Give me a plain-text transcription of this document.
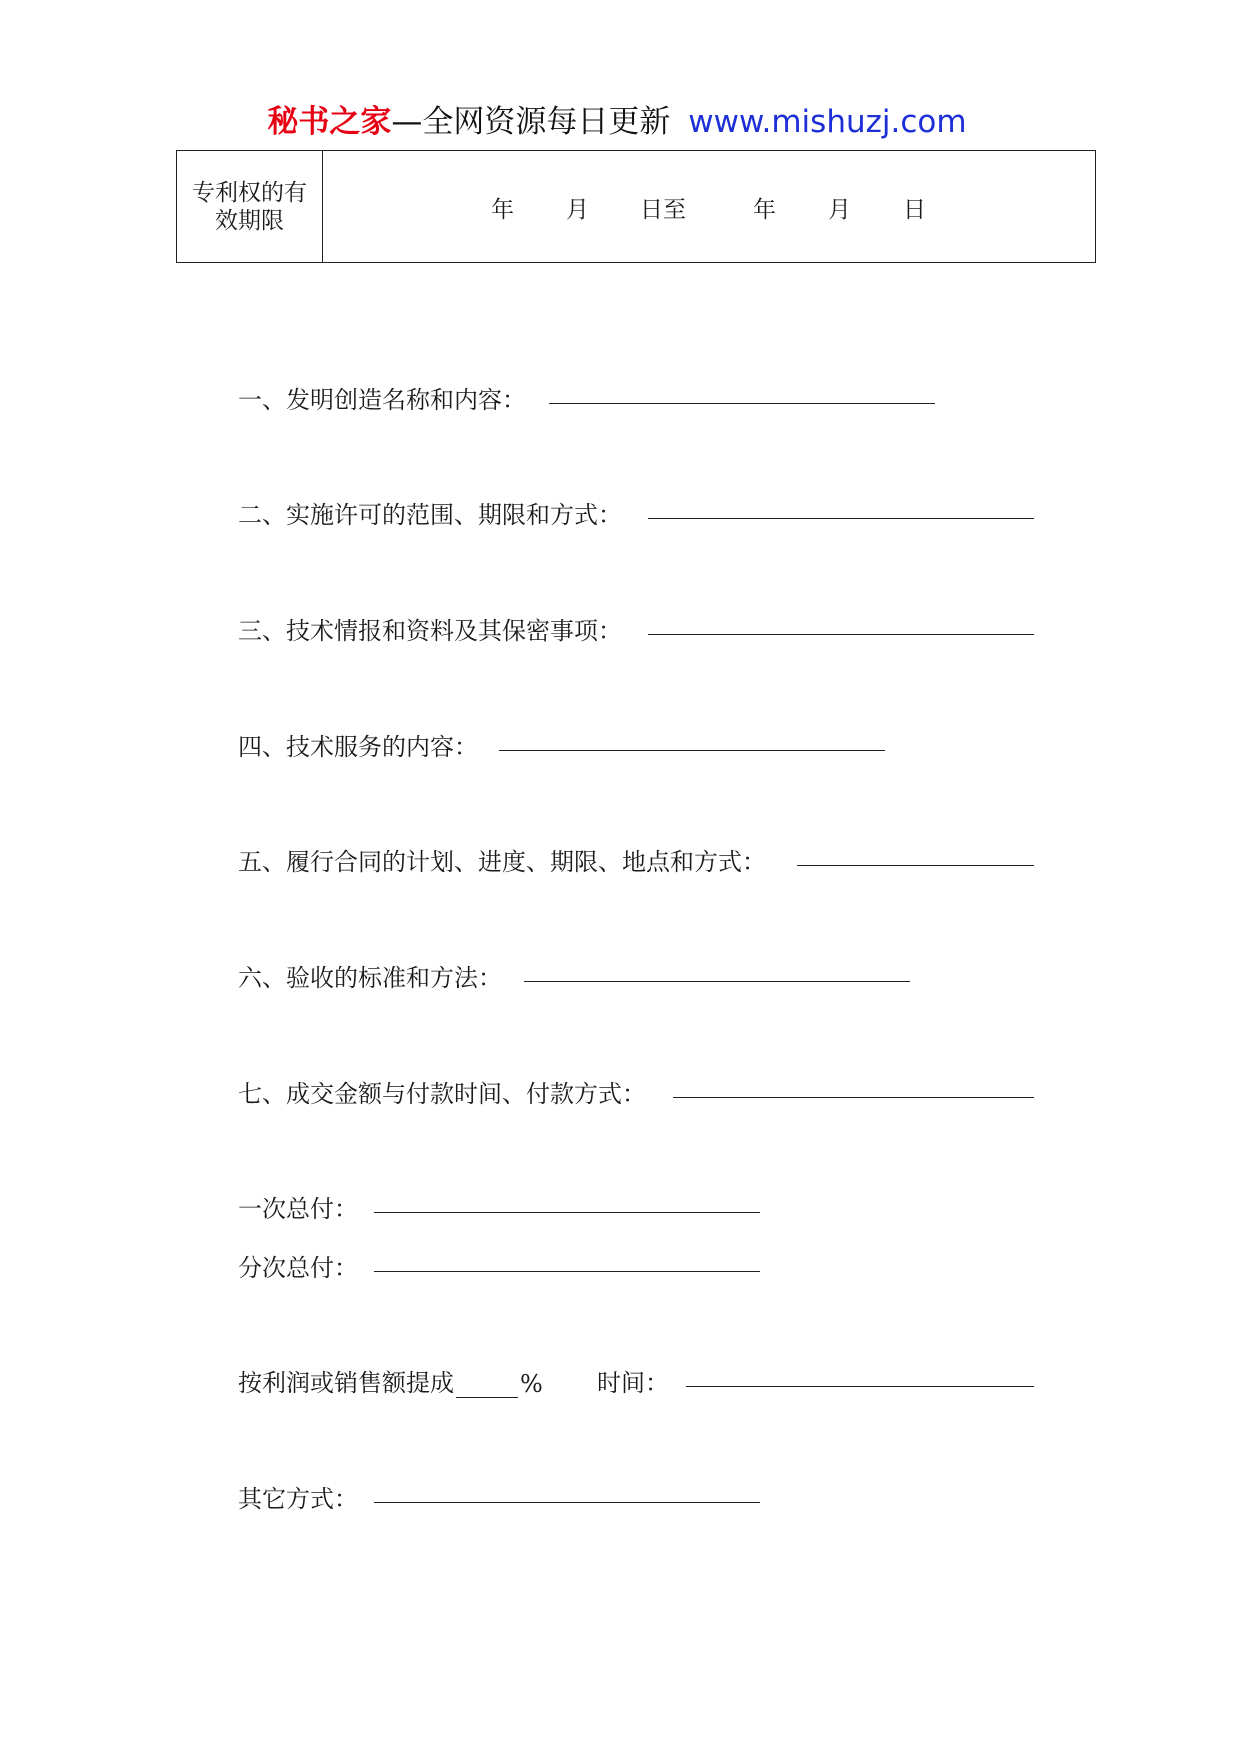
秘书之家—全网资源每日更新 www.mishuzj.com
专利权的有效期限	年 月 日至	年 月 日
一、发明创造名称和内容：
二、实施许可的范围、期限和方式：
三、技术情报和资料及其保密事项：
四、技术服务的内容：
五、履行合同的计划、进度、期限、地点和方式：
六、验收的标准和方法：
七、成交金额与付款时间、付款方式：
一次总付：
分次总付：
按利润或销售额提成	% 时间：
其它方式：
